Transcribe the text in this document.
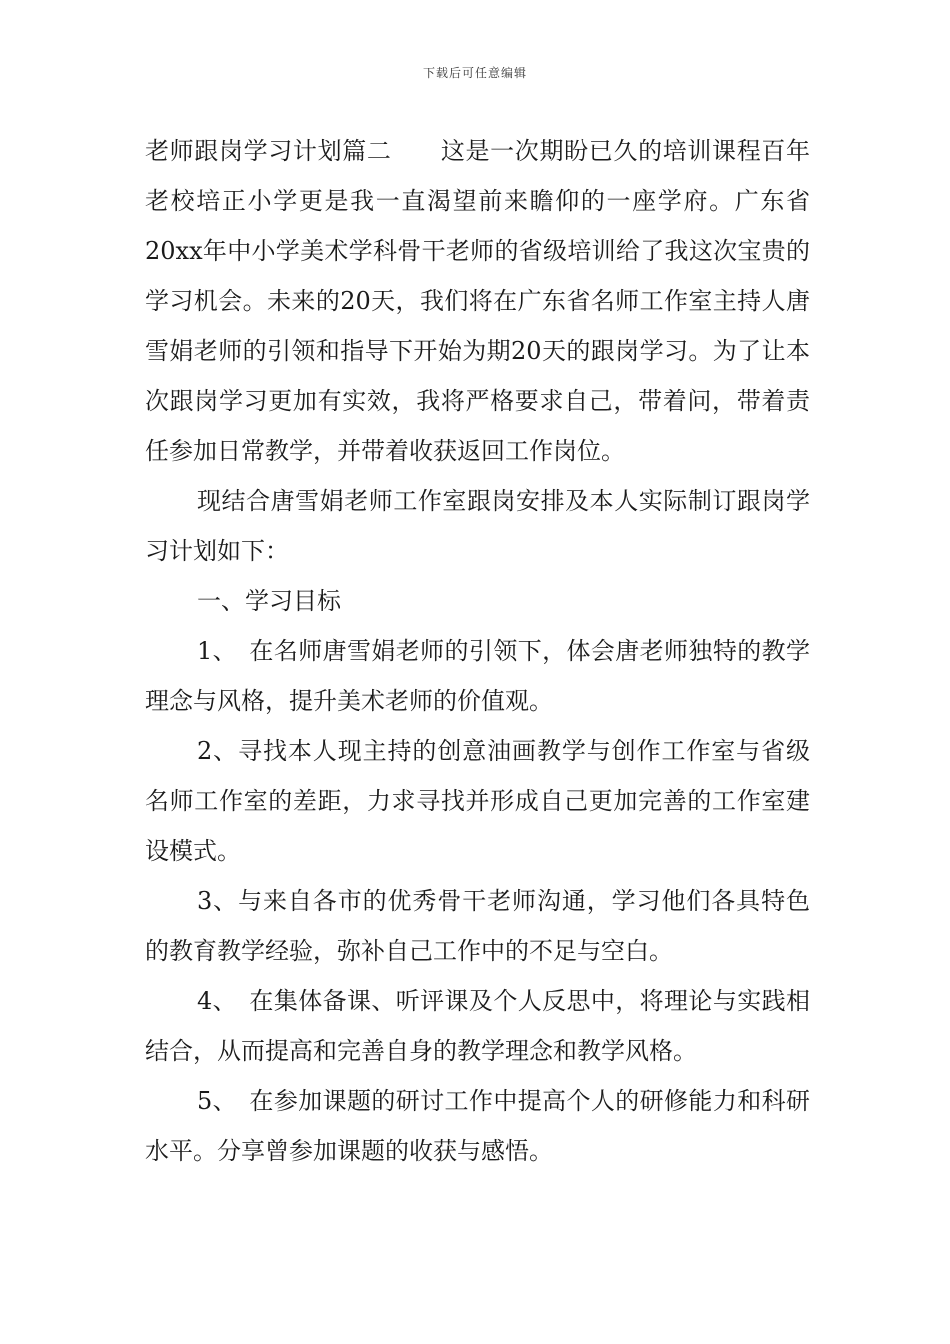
下载后可任意编辑

老师跟岗学习计划篇二　　这是一次期盼已久的培训课程百年老校培正小学更是我一直渴望前来瞻仰的一座学府。广东省20xx年中小学美术学科骨干老师的省级培训给了我这次宝贵的学习机会。未来的20天，我们将在广东省名师工作室主持人唐雪娟老师的引领和指导下开始为期20天的跟岗学习。为了让本次跟岗学习更加有实效，我将严格要求自己，带着问，带着责任参加日常教学，并带着收获返回工作岗位。

现结合唐雪娟老师工作室跟岗安排及本人实际制订跟岗学习计划如下：

一、学习目标

1、　在名师唐雪娟老师的引领下，体会唐老师独特的教学理念与风格，提升美术老师的价值观。

2、寻找本人现主持的创意油画教学与创作工作室与省级名师工作室的差距，力求寻找并形成自己更加完善的工作室建设模式。

3、与来自各市的优秀骨干老师沟通，学习他们各具特色的教育教学经验，弥补自己工作中的不足与空白。

4、　在集体备课、听评课及个人反思中，将理论与实践相结合，从而提高和完善自身的教学理念和教学风格。

5、　在参加课题的研讨工作中提高个人的研修能力和科研水平。分享曾参加课题的收获与感悟。
